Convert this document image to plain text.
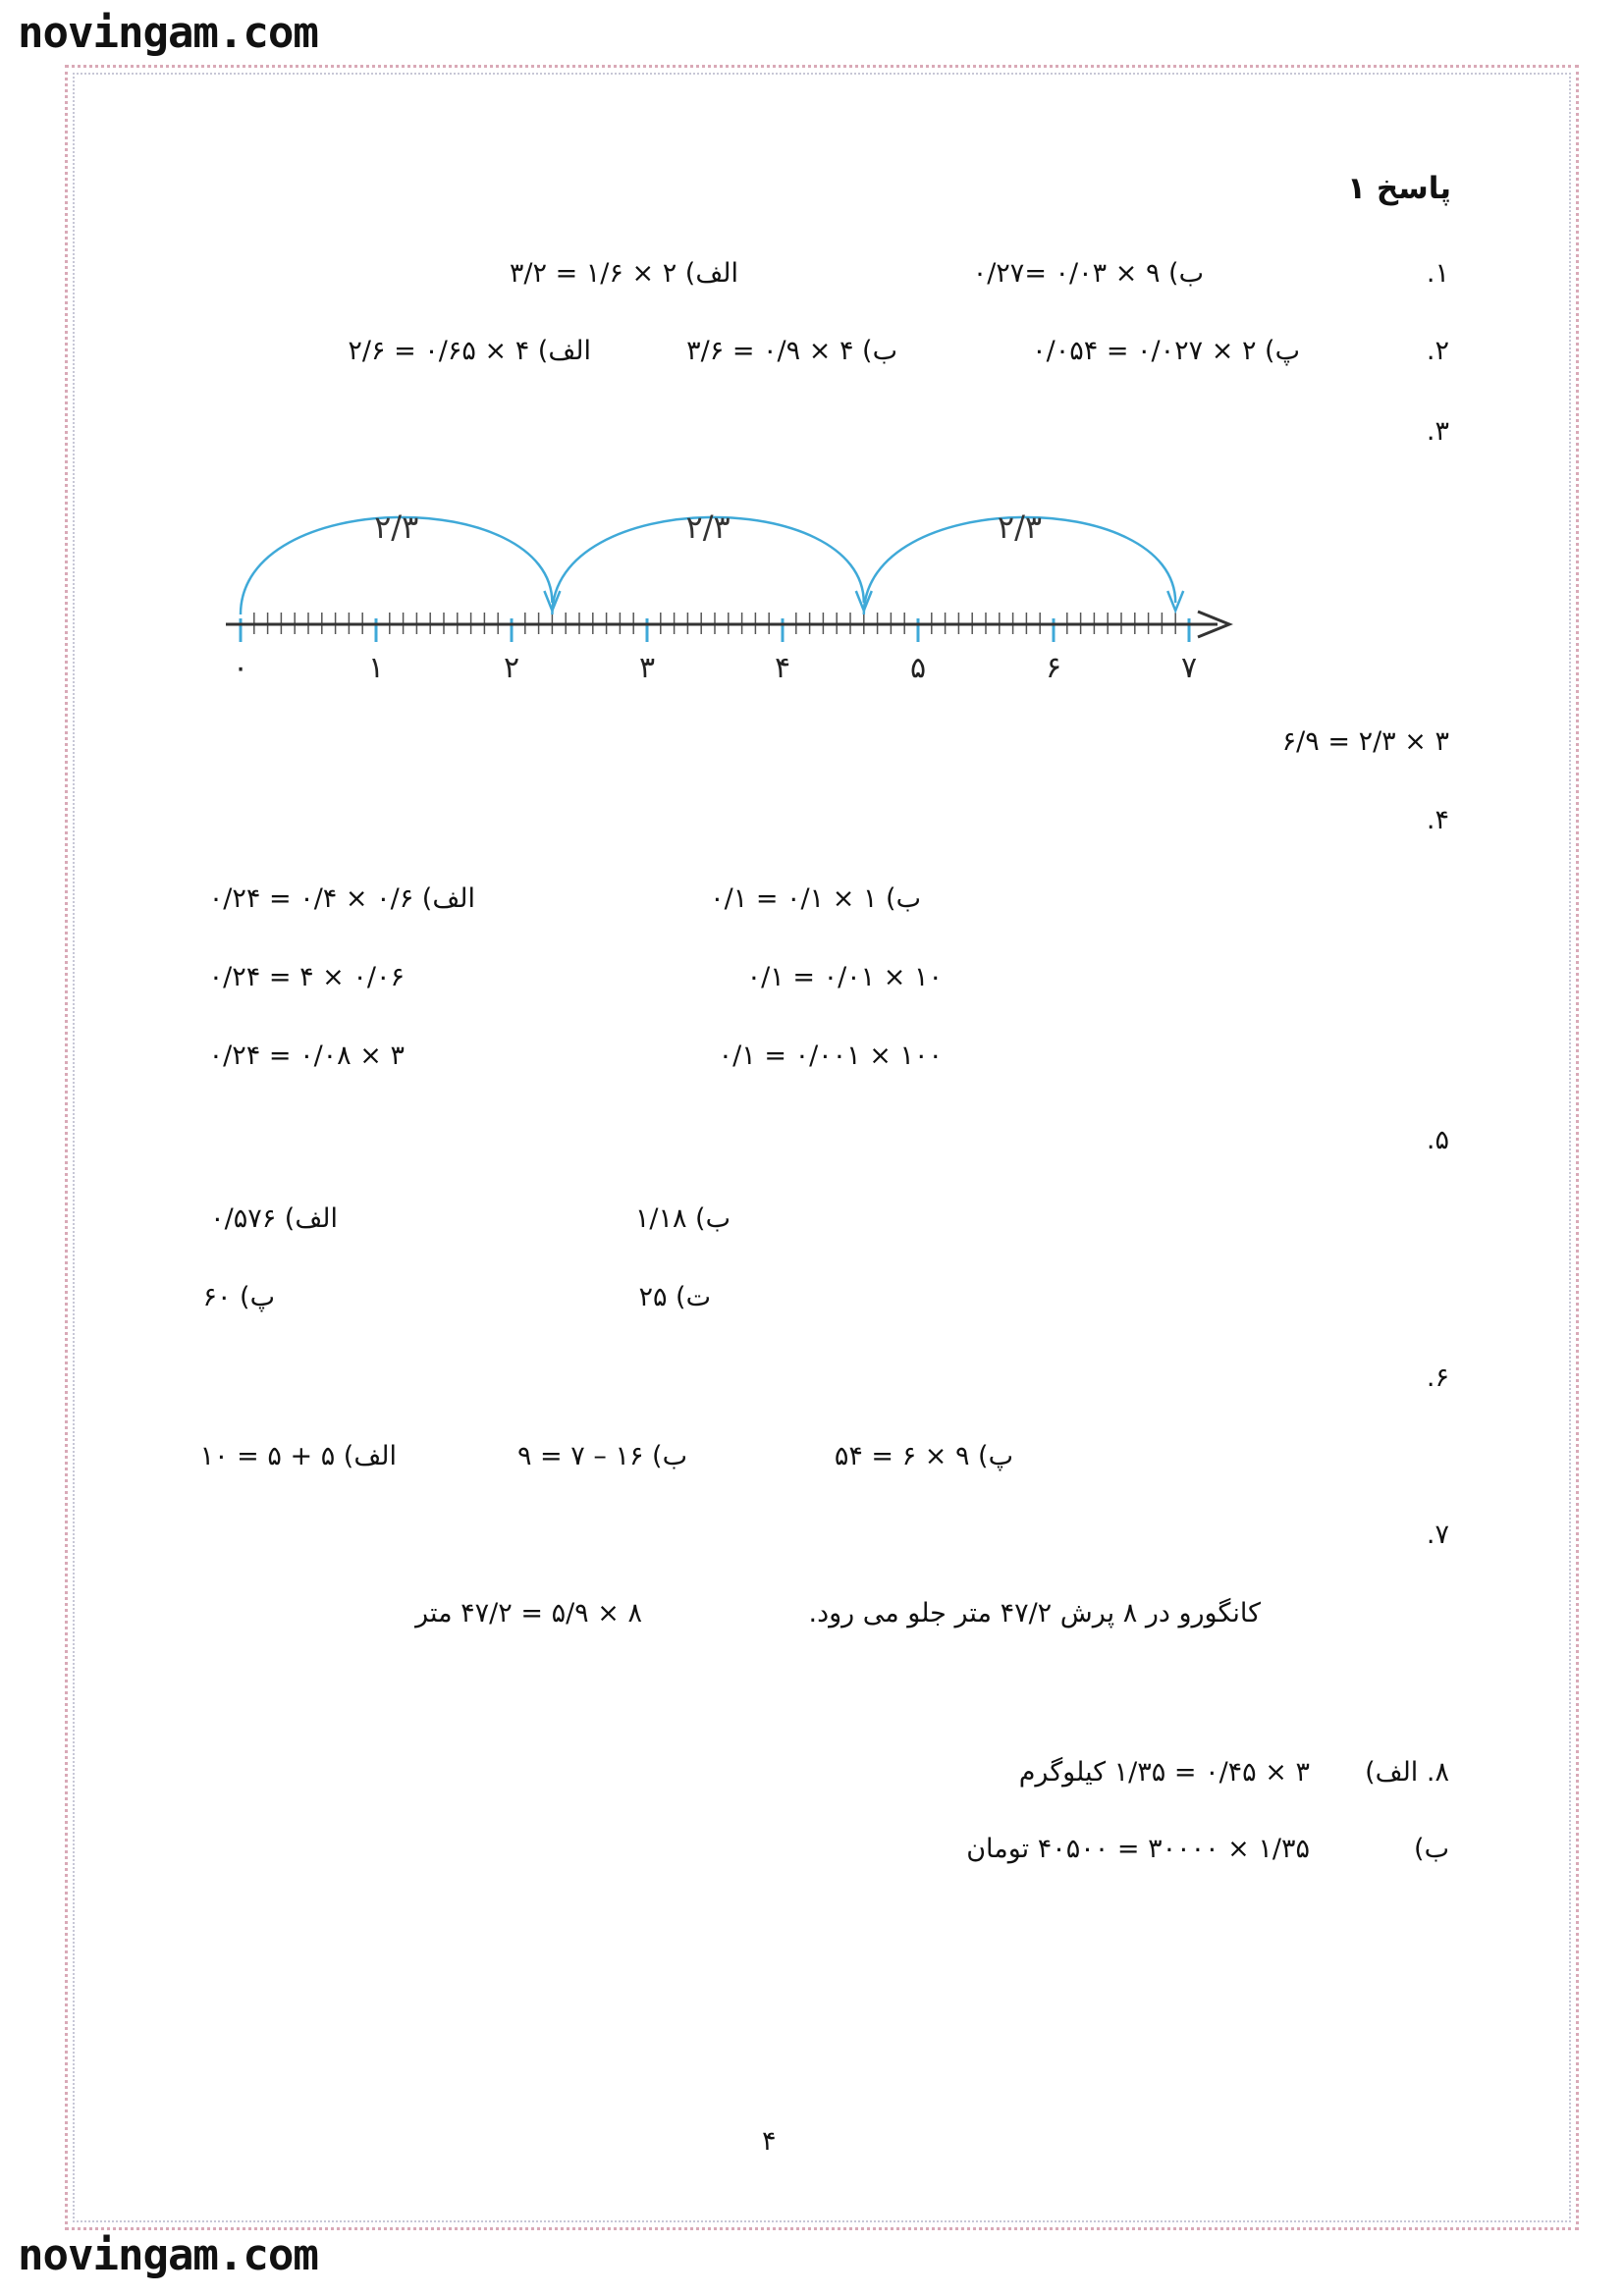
novingam.com
novingam.com
پاسخ ۱
۱.
الف) ۲ × ۱/۶ = ۳/۲	ب) ۹ × ۰/۰۳ =۰/۲۷
۲.
الف) ۴ × ۰/۶۵ = ۲/۶	ب) ۴ × ۰/۹ = ۳/۶	پ) ۲ × ۰/۰۲۷ = ۰/۰۵۴
۳.
۰	۱	۲	۳	۴	۵	۶	۷
۲/۳	۲/۳	۲/۳
۳ × ۲/۳ = ۶/۹
۴.
الف) ۰/۶ × ۰/۴ = ۰/۲۴
۰/۰۶ × ۴ = ۰/۲۴
۳ × ۰/۰۸ = ۰/۲۴
ب) ۱ × ۰/۱ = ۰/۱
۱۰ × ۰/۰۱ = ۰/۱
۱۰۰ × ۰/۰۰۱ = ۰/۱
۵.
الف) ۰/۵۷۶	ب) ۱/۱۸
پ) ۶۰	ت) ۲۵
۶.
الف) ۵ + ۵ = ۱۰	ب) ۱۶ – ۷ = ۹	پ) ۹ × ۶ = ۵۴
۷.
کانگورو در ۸ پرش ۴۷/۲ متر جلو می رود.
۸ × ۵/۹ = ۴۷/۲ متر
۸. الف)
۳ × ۰/۴۵ = ۱/۳۵ کیلوگرم
ب)
۱/۳۵ × ۳۰۰۰۰ = ۴۰۵۰۰ تومان
۴
